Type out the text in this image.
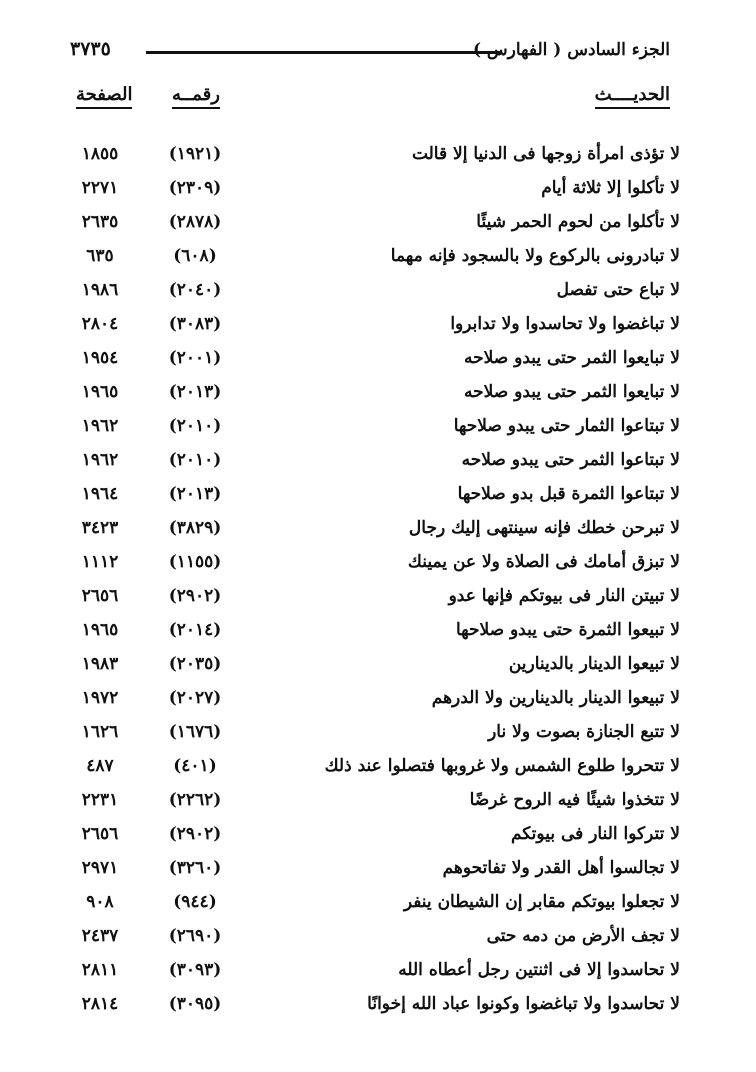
الجزء السادس ( الفهارس )
٣٧٣٥
الحديــــث
رقمــه
الصفحة
لا تؤذى امرأة زوجها فى الدنيا إلا قالت
(١٩٢١)
١٨٥٥
لا تأكلوا إلا ثلاثة أيام
(٢٣٠٩)
٢٢٧١
لا تأكلوا من لحوم الحمر شيئًا
(٢٨٧٨)
٢٦٣٥
لا تبادرونى بالركوع ولا بالسجود فإنه مهما
(٦٠٨)
٦٣٥
لا تباع حتى تفصل
(٢٠٤٠)
١٩٨٦
لا تباغضوا ولا تحاسدوا ولا تدابروا
(٣٠٨٣)
٢٨٠٤
لا تبايعوا الثمر حتى يبدو صلاحه
(٢٠٠١)
١٩٥٤
لا تبايعوا الثمر حتى يبدو صلاحه
(٢٠١٣)
١٩٦٥
لا تبتاعوا الثمار حتى يبدو صلاحها
(٢٠١٠)
١٩٦٢
لا تبتاعوا الثمر حتى يبدو صلاحه
(٢٠١٠)
١٩٦٢
لا تبتاعوا الثمرة قبل بدو صلاحها
(٢٠١٣)
١٩٦٤
لا تبرحن خطك فإنه سينتهى إليك رجال
(٣٨٢٩)
٣٤٢٣
لا تبزق أمامك فى الصلاة ولا عن يمينك
(١١٥٥)
١١١٢
لا تبيتن النار فى بيوتكم فإنها عدو
(٢٩٠٢)
٢٦٥٦
لا تبيعوا الثمرة حتى يبدو صلاحها
(٢٠١٤)
١٩٦٥
لا تبيعوا الدينار بالدينارين
(٢٠٣٥)
١٩٨٣
لا تبيعوا الدينار بالدينارين ولا الدرهم
(٢٠٢٧)
١٩٧٢
لا تتبع الجنازة بصوت ولا نار
(١٦٧٦)
١٦٢٦
لا تتحروا طلوع الشمس ولا غروبها فتصلوا عند ذلك
(٤٠١)
٤٨٧
لا تتخذوا شيئًا فيه الروح غرضًا
(٢٢٦٢)
٢٢٣١
لا تتركوا النار فى بيوتكم
(٢٩٠٢)
٢٦٥٦
لا تجالسوا أهل القدر ولا تفاتحوهم
(٣٢٦٠)
٢٩٧١
لا تجعلوا بيوتكم مقابر إن الشيطان ينفر
(٩٤٤)
٩٠٨
لا تجف الأرض من دمه حتى
(٢٦٩٠)
٢٤٣٧
لا تحاسدوا إلا فى اثنتين رجل أعطاه الله
(٣٠٩٣)
٢٨١١
لا تحاسدوا ولا تباغضوا وكونوا عباد الله إخوانًا
(٣٠٩٥)
٢٨١٤
